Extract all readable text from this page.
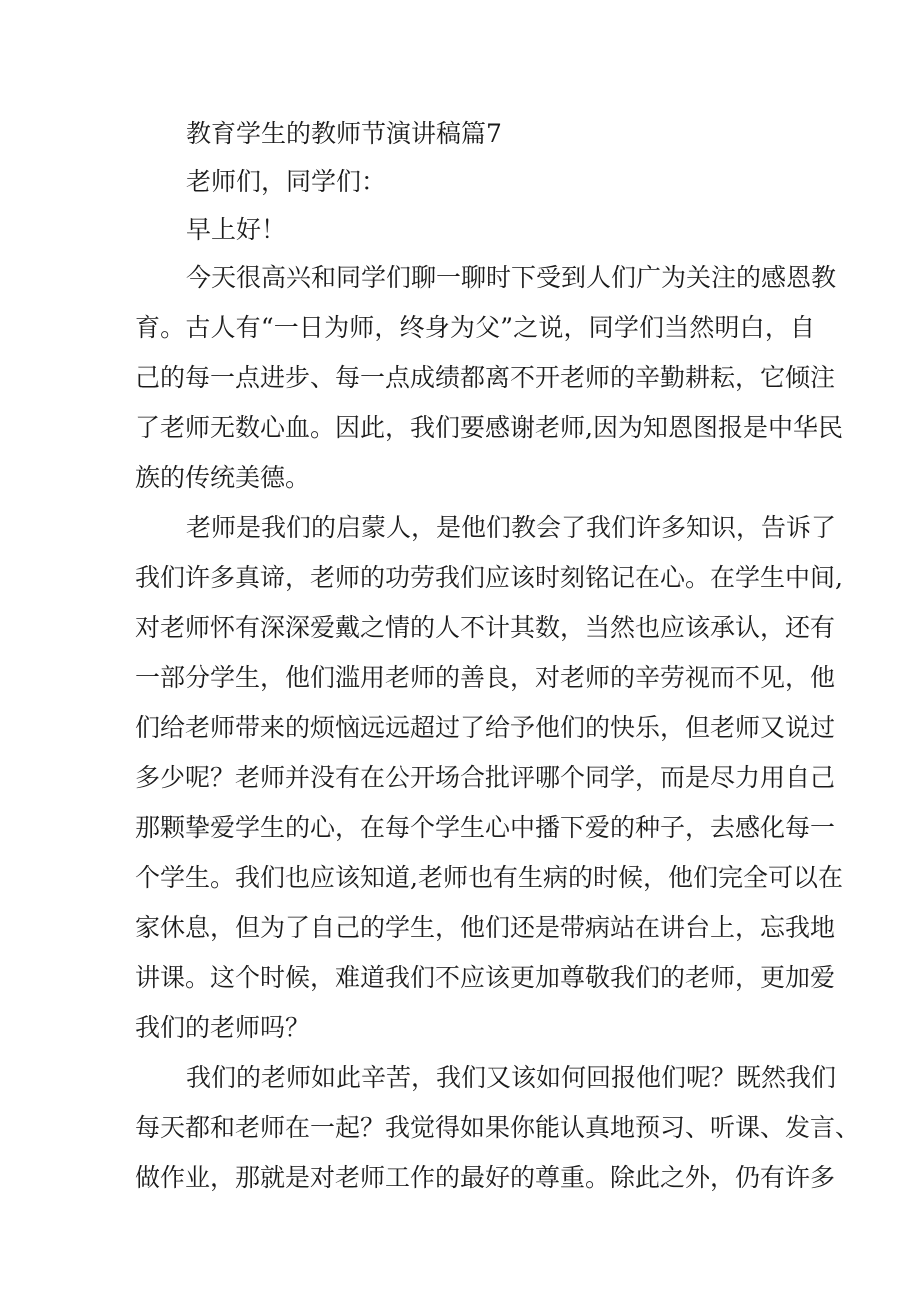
教育学生的教师节演讲稿篇7

老师们，同学们：

早上好！

今天很高兴和同学们聊一聊时下受到人们广为关注的感恩教

育。古人有“一日为师，终身为父”之说，同学们当然明白，自

己的每一点进步、每一点成绩都离不开老师的辛勤耕耘，它倾注

了老师无数心血。因此，我们要感谢老师,因为知恩图报是中华民

族的传统美德。

老师是我们的启蒙人，是他们教会了我们许多知识，告诉了

我们许多真谛，老师的功劳我们应该时刻铭记在心。在学生中间,

对老师怀有深深爱戴之情的人不计其数，当然也应该承认，还有

一部分学生，他们滥用老师的善良，对老师的辛劳视而不见，他

们给老师带来的烦恼远远超过了给予他们的快乐，但老师又说过

多少呢？老师并没有在公开场合批评哪个同学，而是尽力用自己

那颗挚爱学生的心，在每个学生心中播下爱的种子，去感化每一

个学生。我们也应该知道,老师也有生病的时候，他们完全可以在

家休息，但为了自己的学生，他们还是带病站在讲台上，忘我地

讲课。这个时候，难道我们不应该更加尊敬我们的老师，更加爱

我们的老师吗？

我们的老师如此辛苦，我们又该如何回报他们呢？既然我们

每天都和老师在一起？我觉得如果你能认真地预习、听课、发言、

做作业，那就是对老师工作的最好的尊重。除此之外，仍有许多
